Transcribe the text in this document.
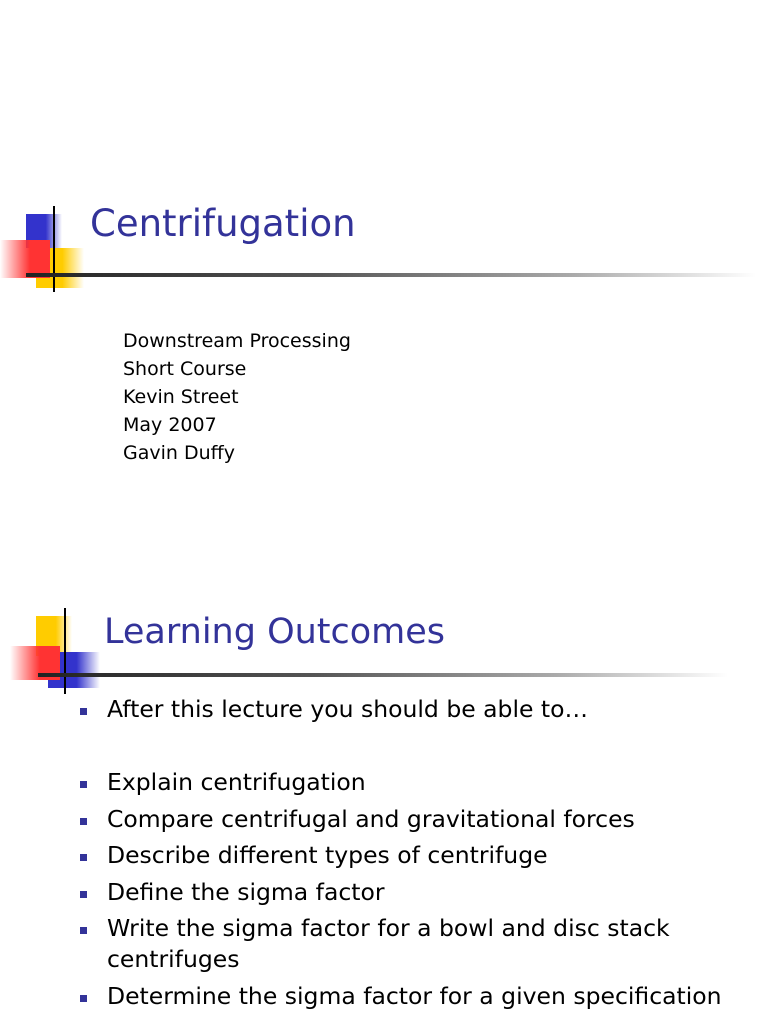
Centrifugation
Downstream Processing
Short Course
Kevin Street
May 2007
Gavin Duffy
Learning Outcomes
After this lecture you should be able to…
Explain centrifugation
Compare centrifugal and gravitational forces
Describe different types of centrifuge
Define the sigma factor
Write the sigma factor for a bowl and disc stack centrifuges
Determine the sigma factor for a given specification
